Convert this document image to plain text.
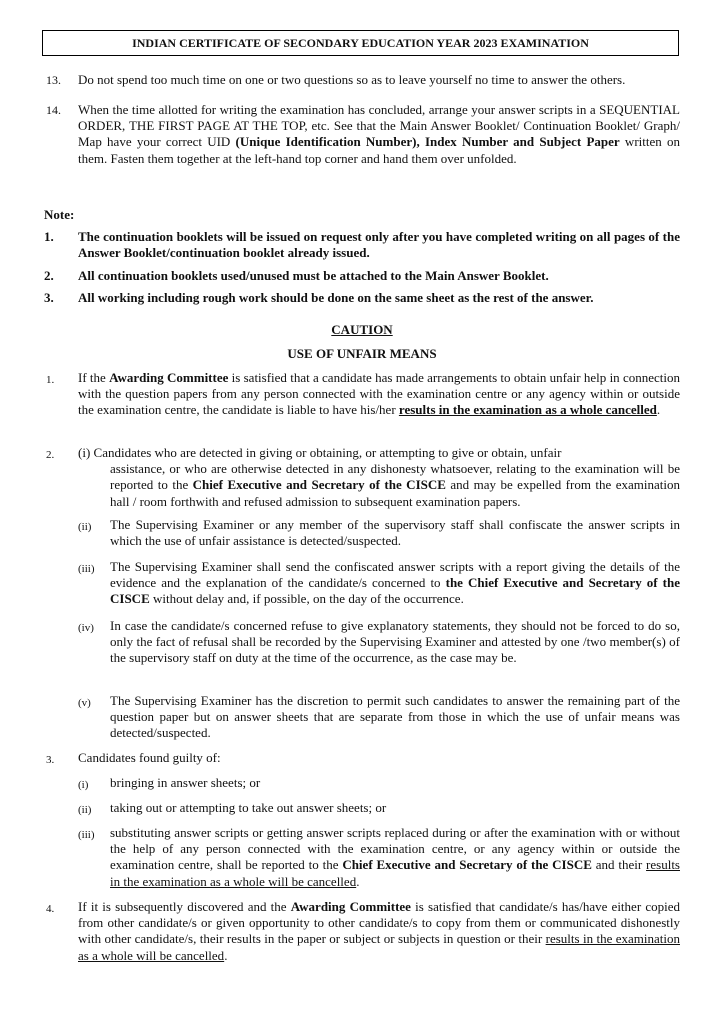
INDIAN CERTIFICATE OF SECONDARY EDUCATION YEAR 2023 EXAMINATION
13. Do not spend too much time on one or two questions so as to leave yourself no time to answer the others.
14. When the time allotted for writing the examination has concluded, arrange your answer scripts in a SEQUENTIAL ORDER, THE FIRST PAGE AT THE TOP, etc. See that the Main Answer Booklet/ Continuation Booklet/ Graph/ Map have your correct UID (Unique Identification Number), Index Number and Subject Paper written on them. Fasten them together at the left-hand top corner and hand them over unfolded.
Note:
1. The continuation booklets will be issued on request only after you have completed writing on all pages of the Answer Booklet/continuation booklet already issued.
2. All continuation booklets used/unused must be attached to the Main Answer Booklet.
3. All working including rough work should be done on the same sheet as the rest of the answer.
CAUTION
USE OF UNFAIR MEANS
1. If the Awarding Committee is satisfied that a candidate has made arrangements to obtain unfair help in connection with the question papers from any person connected with the examination centre or any agency within or outside the examination centre, the candidate is liable to have his/her results in the examination as a whole cancelled.
2. (i) Candidates who are detected in giving or obtaining, or attempting to give or obtain, unfair
assistance, or who are otherwise detected in any dishonesty whatsoever, relating to the examination will be reported to the Chief Executive and Secretary of the CISCE and may be expelled from the examination hall / room forthwith and refused admission to subsequent examination papers.
(ii) The Supervising Examiner or any member of the supervisory staff shall confiscate the answer scripts in which the use of unfair assistance is detected/suspected.
(iii) The Supervising Examiner shall send the confiscated answer scripts with a report giving the details of the evidence and the explanation of the candidate/s concerned to the Chief Executive and Secretary of the CISCE without delay and, if possible, on the day of the occurrence.
(iv) In case the candidate/s concerned refuse to give explanatory statements, they should not be forced to do so, only the fact of refusal shall be recorded by the Supervising Examiner and attested by one /two member(s) of the supervisory staff on duty at the time of the occurrence, as the case may be.
(v) The Supervising Examiner has the discretion to permit such candidates to answer the remaining part of the question paper but on answer sheets that are separate from those in which the use of unfair means was detected/suspected.
3. Candidates found guilty of:
(i) bringing in answer sheets; or
(ii) taking out or attempting to take out answer sheets; or
(iii) substituting answer scripts or getting answer scripts replaced during or after the examination with or without the help of any person connected with the examination centre, or any agency within or outside the examination centre, shall be reported to the Chief Executive and Secretary of the CISCE and their results in the examination as a whole will be cancelled.
4. If it is subsequently discovered and the Awarding Committee is satisfied that candidate/s has/have either copied from other candidate/s or given opportunity to other candidate/s to copy from them or communicated dishonestly with other candidate/s, their results in the paper or subject or subjects in question or their results in the examination as a whole will be cancelled.
